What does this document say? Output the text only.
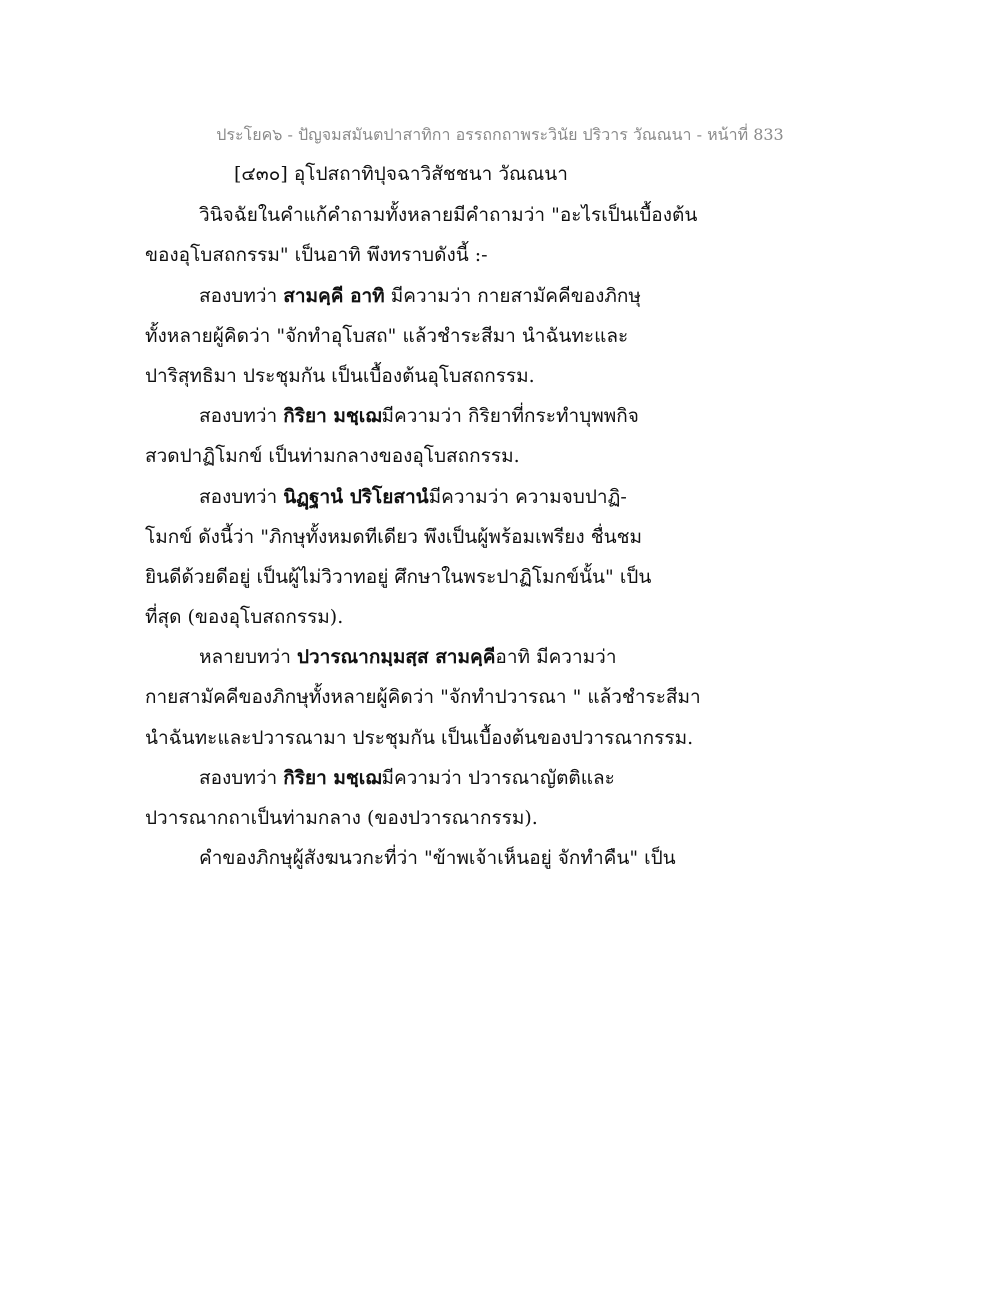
ประโยค๖ - ปัญจมสมันตปาสาทิกา อรรถกถาพระวินัย ปริวาร วัณณนา - หน้าที่ 833
[๔๓๐] อุโปสถาทิปุจฉาวิสัชชนา วัณณนา
วินิจฉัยในคำแก้คำถามทั้งหลายมีคำถามว่า "อะไรเป็นเบื้องต้น
ของอุโบสถกรรม" เป็นอาทิ พึงทราบดังนี้ :-
สองบทว่า สามคฺคี อาทิ มีความว่า กายสามัคคีของภิกษุ
ทั้งหลายผู้คิดว่า "จักทำอุโบสถ" แล้วชำระสีมา นำฉันทะและ
ปาริสุทธิมา ประชุมกัน เป็นเบื้องต้นอุโบสถกรรม.
สองบทว่า กิริยา มชฺเฌมีความว่า กิริยาที่กระทำบุพพกิจ
สวดปาฏิโมกข์ เป็นท่ามกลางของอุโบสถกรรม.
สองบทว่า นิฏฺฐานํ ปริโยสานํมีความว่า ความจบปาฏิ-
โมกข์ ดังนี้ว่า "ภิกษุทั้งหมดทีเดียว พึงเป็นผู้พร้อมเพรียง ชื่นชม
ยินดีด้วยดีอยู่ เป็นผู้ไม่วิวาทอยู่ ศึกษาในพระปาฏิโมกข์นั้น" เป็น
ที่สุด (ของอุโบสถกรรม).
หลายบทว่า ปวารณากมฺมสฺส สามคฺคีอาทิ มีความว่า
กายสามัคคีของภิกษุทั้งหลายผู้คิดว่า "จักทำปวารณา " แล้วชำระสีมา
นำฉันทะและปวารณามา ประชุมกัน เป็นเบื้องต้นของปวารณากรรม.
สองบทว่า กิริยา มชฺเฌมีความว่า ปวารณาญัตติและ
ปวารณากถาเป็นท่ามกลาง (ของปวารณากรรม).
คำของภิกษุผู้สังฆนวกะที่ว่า "ข้าพเจ้าเห็นอยู่ จักทำคืน" เป็น
